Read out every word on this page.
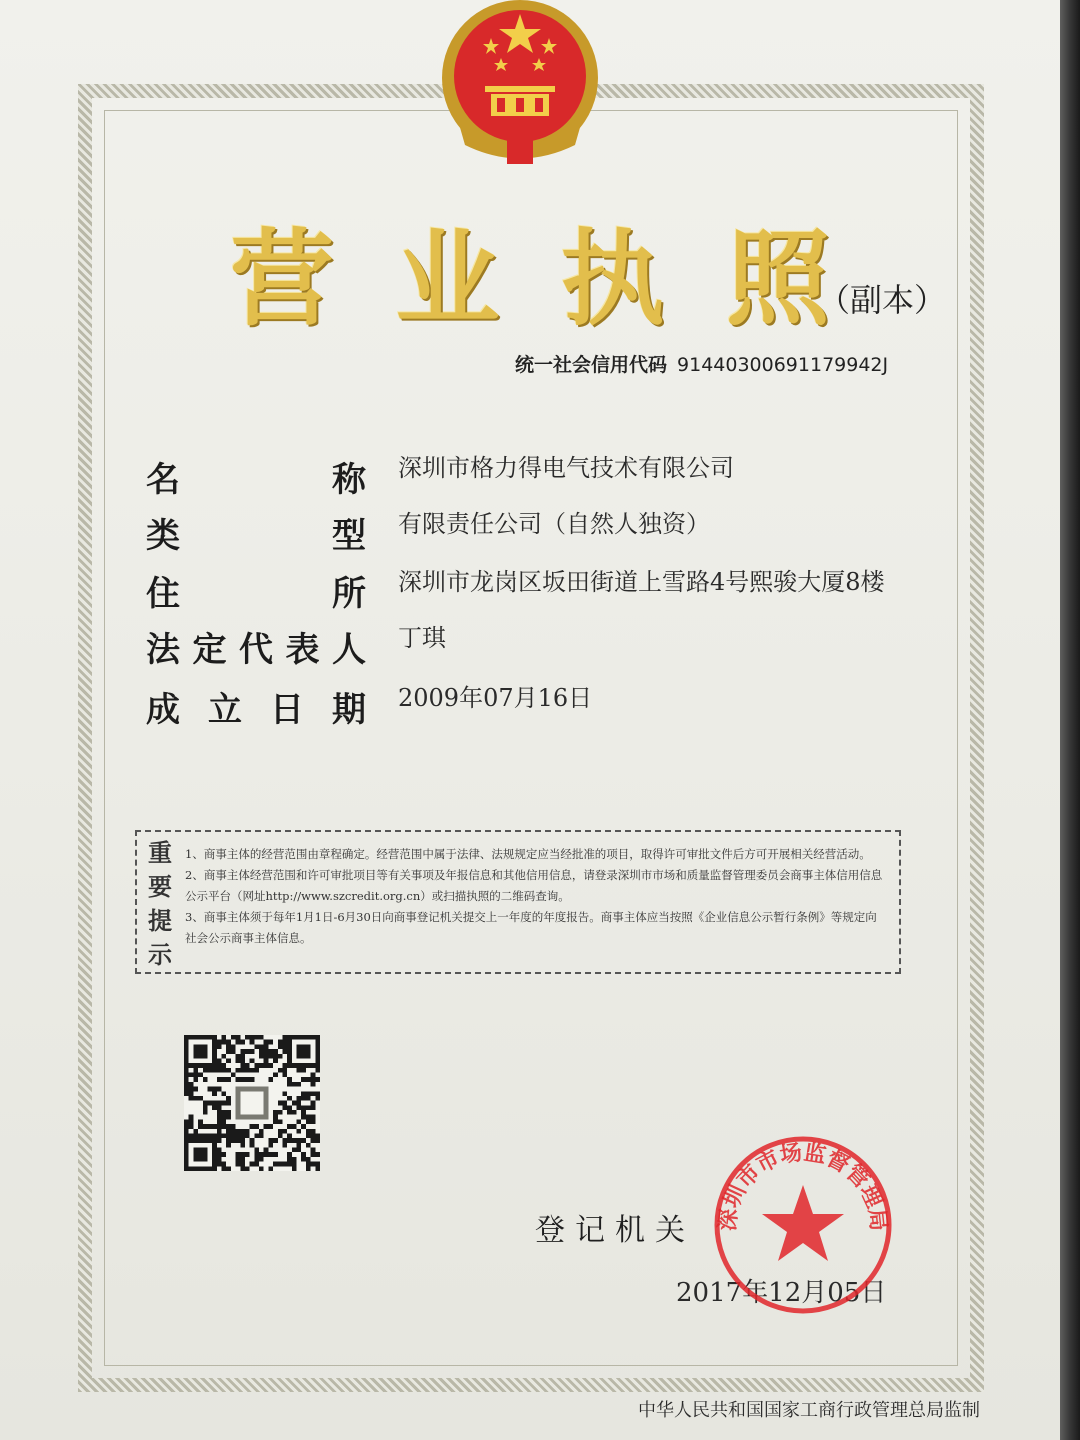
营 业 执 照
（副本）
统一社会信用代码 91440300691179942J
名	称 深圳市格力得电气技术有限公司
类	型 有限责任公司（自然人独资）
住	所 深圳市龙岗区坂田街道上雪路4号熙骏大厦8楼
法 定 代 表 人 丁琪
成 立 日 期 2009年07月16日
重要提示
1、商事主体的经营范围由章程确定。经营范围中属于法律、法规规定应当经批准的项目，取得许可审批文件后方可开展相关经营活动。
2、商事主体经营范围和许可审批项目等有关事项及年报信息和其他信用信息，请登录深圳市市场和质量监督管理委员会商事主体信用信息公示平台（网址http://www.szcredit.org.cn）或扫描执照的二维码查询。
3、商事主体须于每年1月1日-6月30日向商事登记机关提交上一年度的年度报告。商事主体应当按照《企业信息公示暂行条例》等规定向社会公示商事主体信息。
登记机关
2017年12月05日
深圳市市场监督管理局
中华人民共和国国家工商行政管理总局监制
